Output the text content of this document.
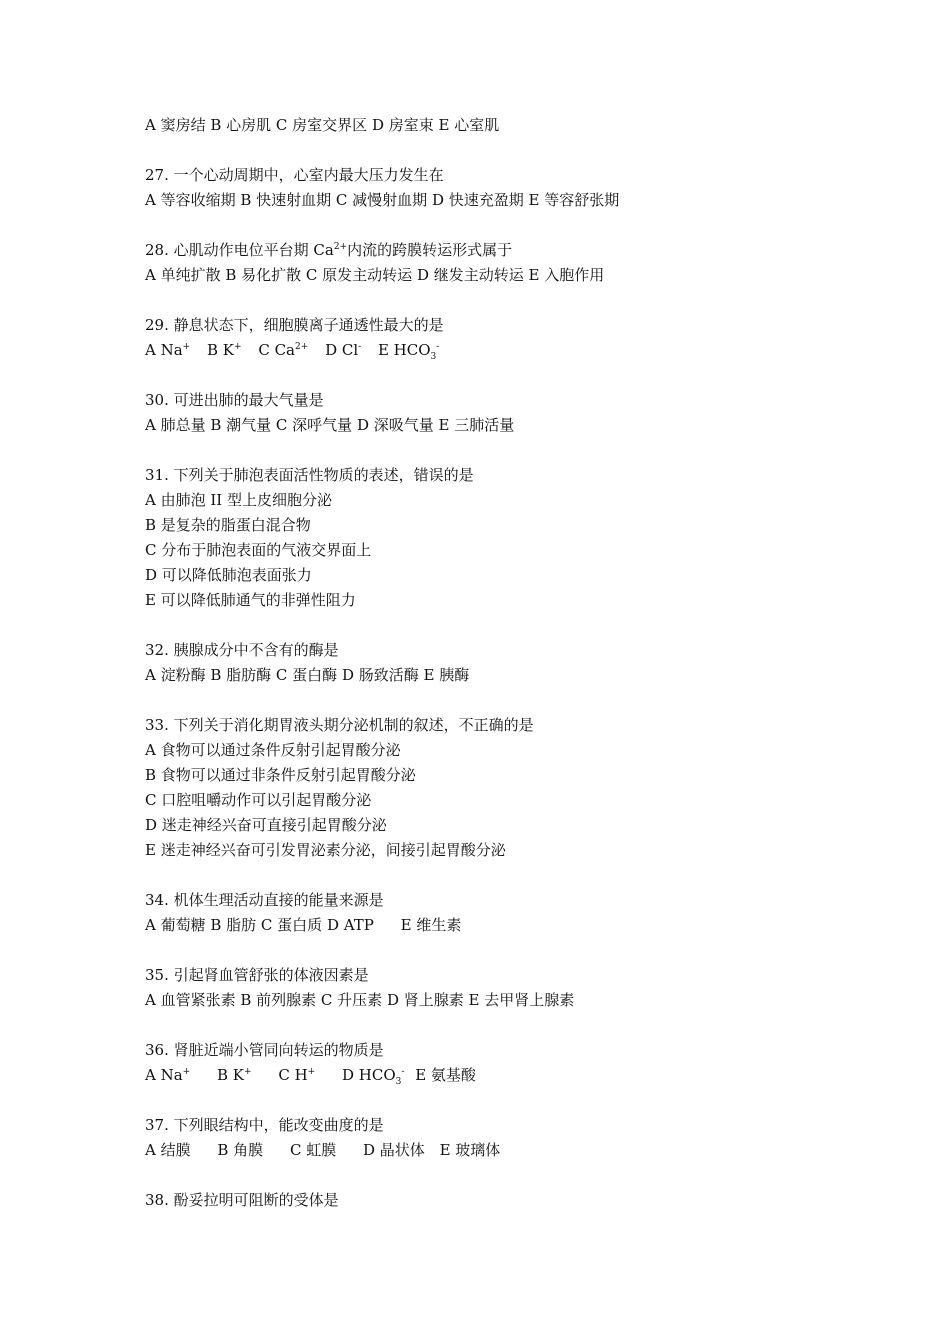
A 窦房结 B 心房肌 C 房室交界区 D 房室束 E 心室肌
27. 一个心动周期中，心室内最大压力发生在
A 等容收缩期 B 快速射血期 C 减慢射血期 D 快速充盈期 E 等容舒张期
28. 心肌动作电位平台期 $Ca^{2+}$内流的跨膜转运形式属于
A 单纯扩散 B 易化扩散 C 原发主动转运 D 继发主动转运 E 入胞作用
29. 静息状态下，细胞膜离子通透性最大的是
A Na+ B K+ C $Ca^{2+}$ D Cl- E $HCO_3^-$
30. 可进出肺的最大气量是
A 肺总量 B 潮气量 C 深呼气量 D 深吸气量 E 三肺活量
31. 下列关于肺泡表面活性物质的表述，错误的是
A 由肺泡 II 型上皮细胞分泌
B 是复杂的脂蛋白混合物
C 分布于肺泡表面的气液交界面上
D 可以降低肺泡表面张力
E 可以降低肺通气的非弹性阻力
32. 胰腺成分中不含有的酶是
A 淀粉酶 B 脂肪酶 C 蛋白酶 D 肠致活酶 E 胰酶
33. 下列关于消化期胃液头期分泌机制的叙述，不正确的是
A 食物可以通过条件反射引起胃酸分泌
B 食物可以通过非条件反射引起胃酸分泌
C 口腔咀嚼动作可以引起胃酸分泌
D 迷走神经兴奋可直接引起胃酸分泌
E 迷走神经兴奋可引发胃泌素分泌，间接引起胃酸分泌
34. 机体生理活动直接的能量来源是
A 葡萄糖 B 脂肪 C 蛋白质 D ATP E 维生素
35. 引起肾血管舒张的体液因素是
A 血管紧张素 B 前列腺素 C 升压素 D 肾上腺素 E 去甲肾上腺素
36. 肾脏近端小管同向转运的物质是
A Na+ B K+ C H+ D $HCO_3^-$ E 氨基酸
37. 下列眼结构中，能改变曲度的是
A 结膜 B 角膜 C 虹膜 D 晶状体 E 玻璃体
38. 酚妥拉明可阻断的受体是
